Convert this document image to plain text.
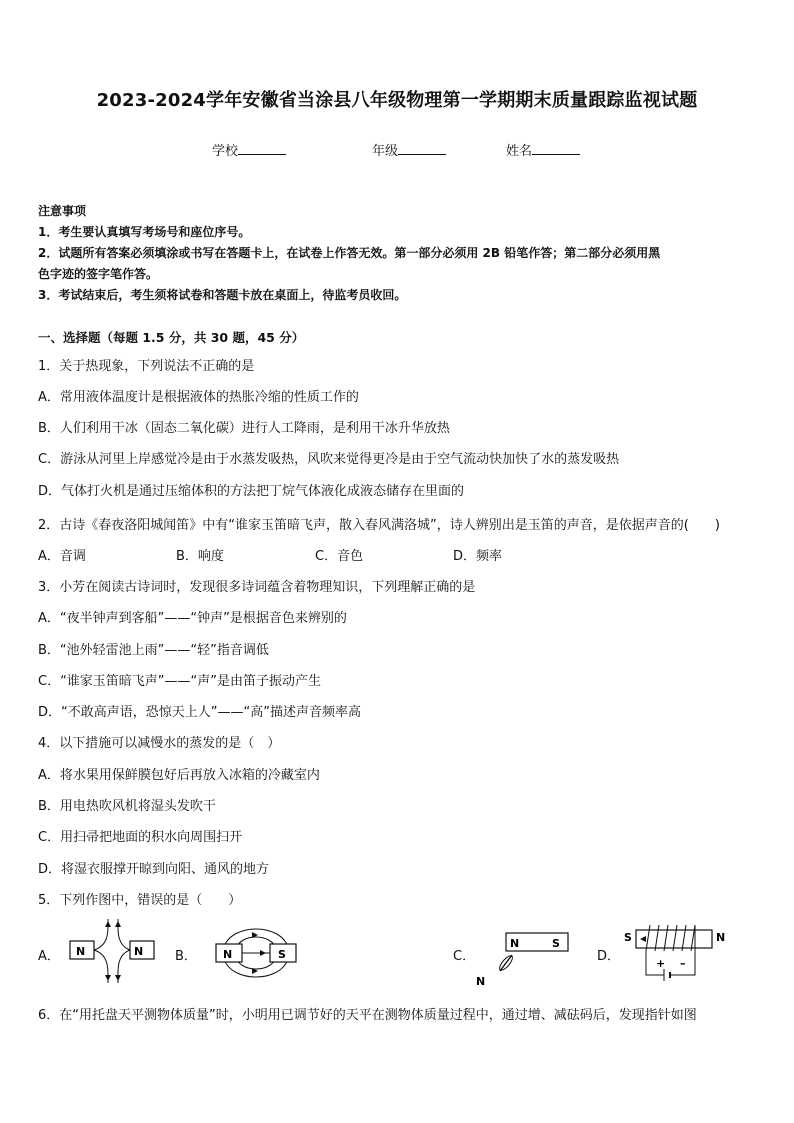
2023-2024学年安徽省当涂县八年级物理第一学期期末质量跟踪监视试题
学校	年级	姓名

注意事项

1．考生要认真填写考场号和座位序号。

2．试题所有答案必须填涂或书写在答题卡上，在试卷上作答无效。第一部分必须用 2B 铅笔作答；第二部分必须用黑

色字迹的签字笔作答。

3．考试结束后，考生须将试卷和答题卡放在桌面上，待监考员收回。

一、选择题（每题 1.5 分，共 30 题，45 分）
1．关于热现象，下列说法不正确的是
A．常用液体温度计是根据液体的热胀冷缩的性质工作的
B．人们利用干冰（固态二氧化碳）进行人工降雨，是利用干冰升华放热
C．游泳从河里上岸感觉冷是由于水蒸发吸热，风吹来觉得更冷是由于空气流动快加快了水的蒸发吸热
D．气体打火机是通过压缩体积的方法把丁烷气体液化成液态储存在里面的
2．古诗《春夜洛阳城闻笛》中有“谁家玉笛暗飞声，散入春风满洛城”，诗人辨别出是玉笛的声音，是依据声音的(　　)
A．音调	B．响度	C．音色	D．频率
3．小芳在阅读古诗词时，发现很多诗词蕴含着物理知识，下列理解正确的是
A．“夜半钟声到客船”——“钟声”是根据音色来辨别的
B．“池外轻雷池上雨”——“轻”指音调低
C．“谁家玉笛暗飞声”——“声”是由笛子振动产生
D．“不敢高声语，恐惊天上人”——“高”描述声音频率高
4．以下措施可以减慢水的蒸发的是（　）
A．将水果用保鲜膜包好后再放入冰箱的冷藏室内
B．用电热吹风机将湿头发吹干
C．用扫帚把地面的积水向周围扫开
D．将湿衣服撑开晾到向阳、通风的地方
5．下列作图中，错误的是（　　）
A． N	N B． N	S	C．
N	S
N
D．
S	N
+ –
6．在“用托盘天平测物体质量”时，小明用已调节好的天平在测物体质量过程中，通过增、减砝码后，发现指针如图
